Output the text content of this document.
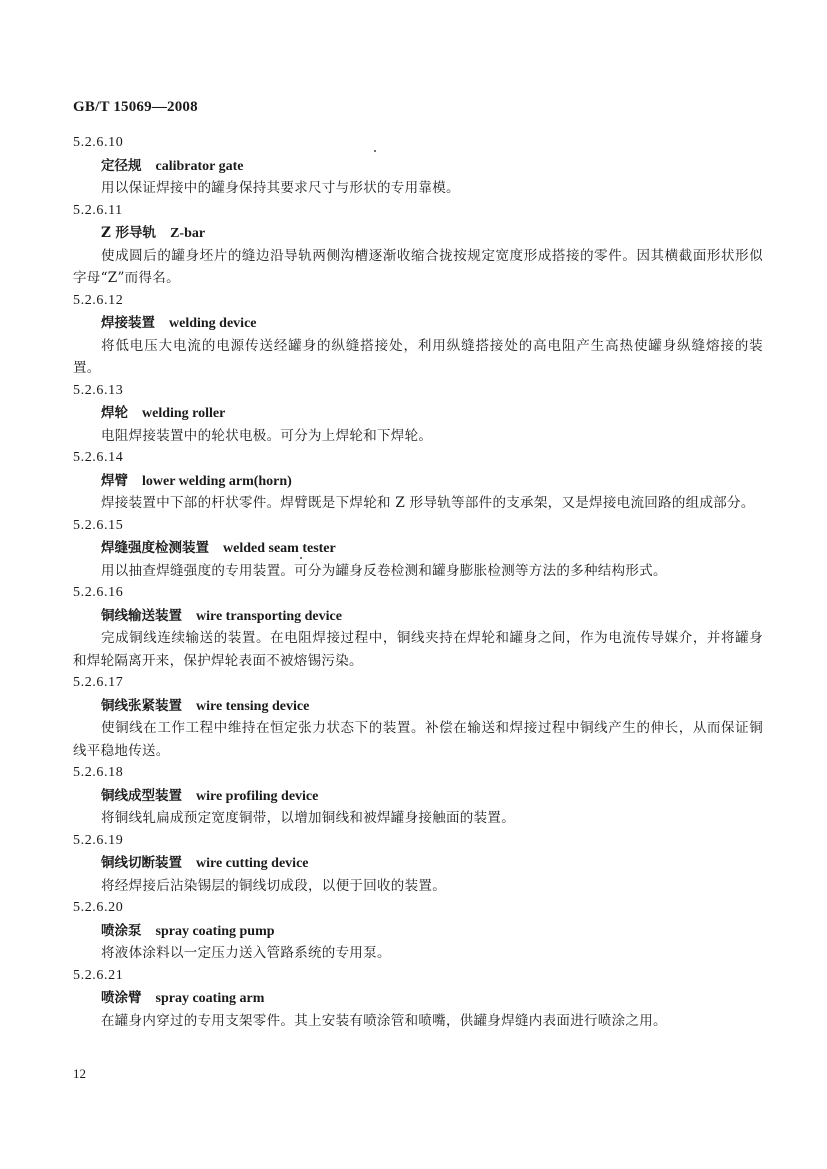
GB/T 15069—2008
5.2.6.10
定径规 calibrator gate
用以保证焊接中的罐身保持其要求尺寸与形状的专用靠模。
5.2.6.11
Z 形导轨 Z-bar
使成圆后的罐身坯片的缝边沿导轨两侧沟槽逐渐收缩合拢按规定宽度形成搭接的零件。因其横截面形状形似字母“Z”而得名。
5.2.6.12
焊接装置 welding device
将低电压大电流的电源传送经罐身的纵缝搭接处，利用纵缝搭接处的高电阻产生高热使罐身纵缝熔接的装置。
5.2.6.13
焊轮 welding roller
电阻焊接装置中的轮状电极。可分为上焊轮和下焊轮。
5.2.6.14
焊臂 lower welding arm(horn)
焊接装置中下部的杆状零件。焊臂既是下焊轮和 Z 形导轨等部件的支承架，又是焊接电流回路的组成部分。
5.2.6.15
焊缝强度检测装置 welded seam tester
用以抽查焊缝强度的专用装置。可分为罐身反卷检测和罐身膨胀检测等方法的多种结构形式。
5.2.6.16
铜线输送装置 wire transporting device
完成铜线连续输送的装置。在电阻焊接过程中，铜线夹持在焊轮和罐身之间，作为电流传导媒介，并将罐身和焊轮隔离开来，保护焊轮表面不被熔锡污染。
5.2.6.17
铜线张紧装置 wire tensing device
使铜线在工作工程中维持在恒定张力状态下的装置。补偿在输送和焊接过程中铜线产生的伸长，从而保证铜线平稳地传送。
5.2.6.18
铜线成型装置 wire profiling device
将铜线轧扁成预定宽度铜带，以增加铜线和被焊罐身接触面的装置。
5.2.6.19
铜线切断装置 wire cutting device
将经焊接后沾染锡层的铜线切成段，以便于回收的装置。
5.2.6.20
喷涂泵 spray coating pump
将液体涂料以一定压力送入管路系统的专用泵。
5.2.6.21
喷涂臂 spray coating arm
在罐身内穿过的专用支架零件。其上安装有喷涂管和喷嘴，供罐身焊缝内表面进行喷涂之用。
12
